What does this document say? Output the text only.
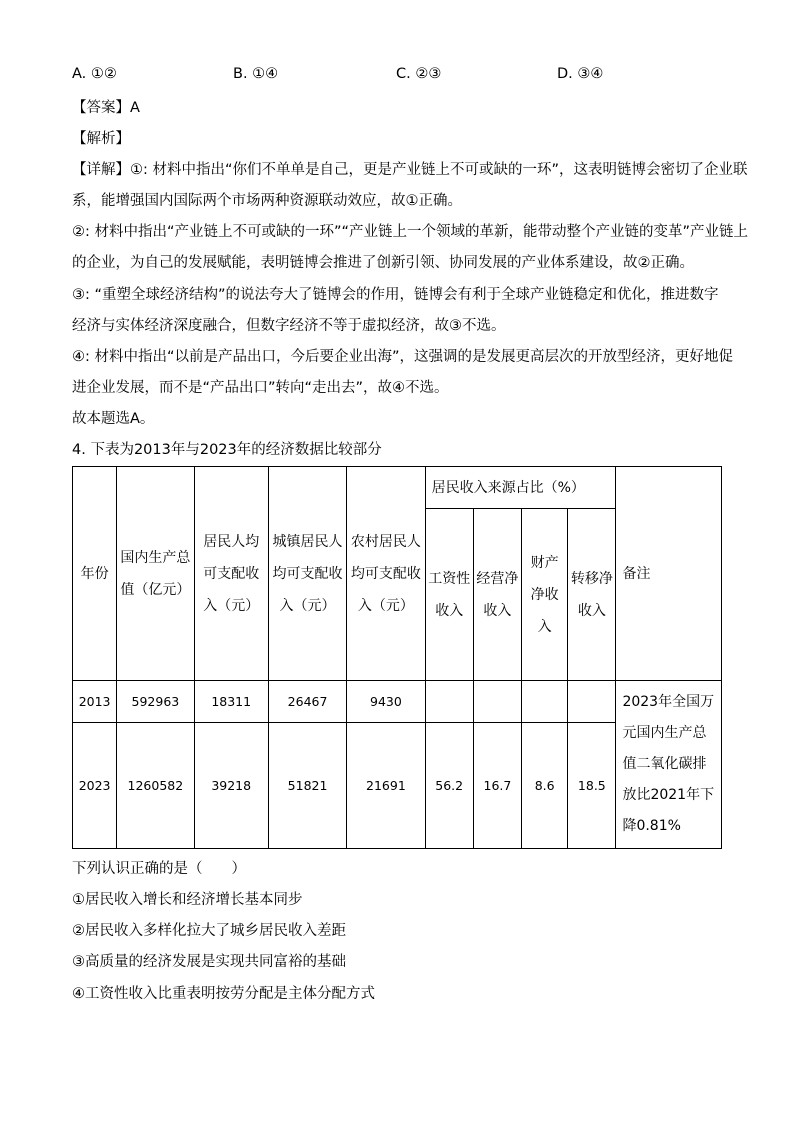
A. ①②	B. ①④	C. ②③	D. ③④
【答案】A
【解析】
【详解】①: 材料中指出“你们不单单是自己，更是产业链上不可或缺的一环”，这表明链博会密切了企业联
系，能增强国内国际两个市场两种资源联动效应，故①正确。
②: 材料中指出“产业链上不可或缺的一环”“产业链上一个领域的革新，能带动整个产业链的变革”产业链上
的企业，为自己的发展赋能，表明链博会推进了创新引领、协同发展的产业体系建设，故②正确。
③: “重塑全球经济结构”的说法夸大了链博会的作用，链博会有利于全球产业链稳定和优化，推进数字
经济与实体经济深度融合，但数字经济不等于虚拟经济，故③不选。
④: 材料中指出“以前是产品出口，今后要企业出海”，这强调的是发展更高层次的开放型经济，更好地促
进企业发展，而不是“产品出口”转向“走出去”，故④不选。
故本题选A。
4. 下表为2013年与2023年的经济数据比较部分
年份	国内生产总值（亿元）	居民人均可支配收入（元）	城镇居民人均可支配收入（元）	农村居民人均可支配收入（元）	居民收入来源占比（%）				备注
					工资性收入	经营净收入	财产净收入	转移净收入	
2013	592963	18311	26467	9430					2023年全国万元国内生产总值二氧化碳排放比2021年下降0.81%
2023	1260582	39218	51821	21691	56.2	16.7	8.6	18.5	
下列认识正确的是（　　）
①居民收入增长和经济增长基本同步
②居民收入多样化拉大了城乡居民收入差距
③高质量的经济发展是实现共同富裕的基础
④工资性收入比重表明按劳分配是主体分配方式
